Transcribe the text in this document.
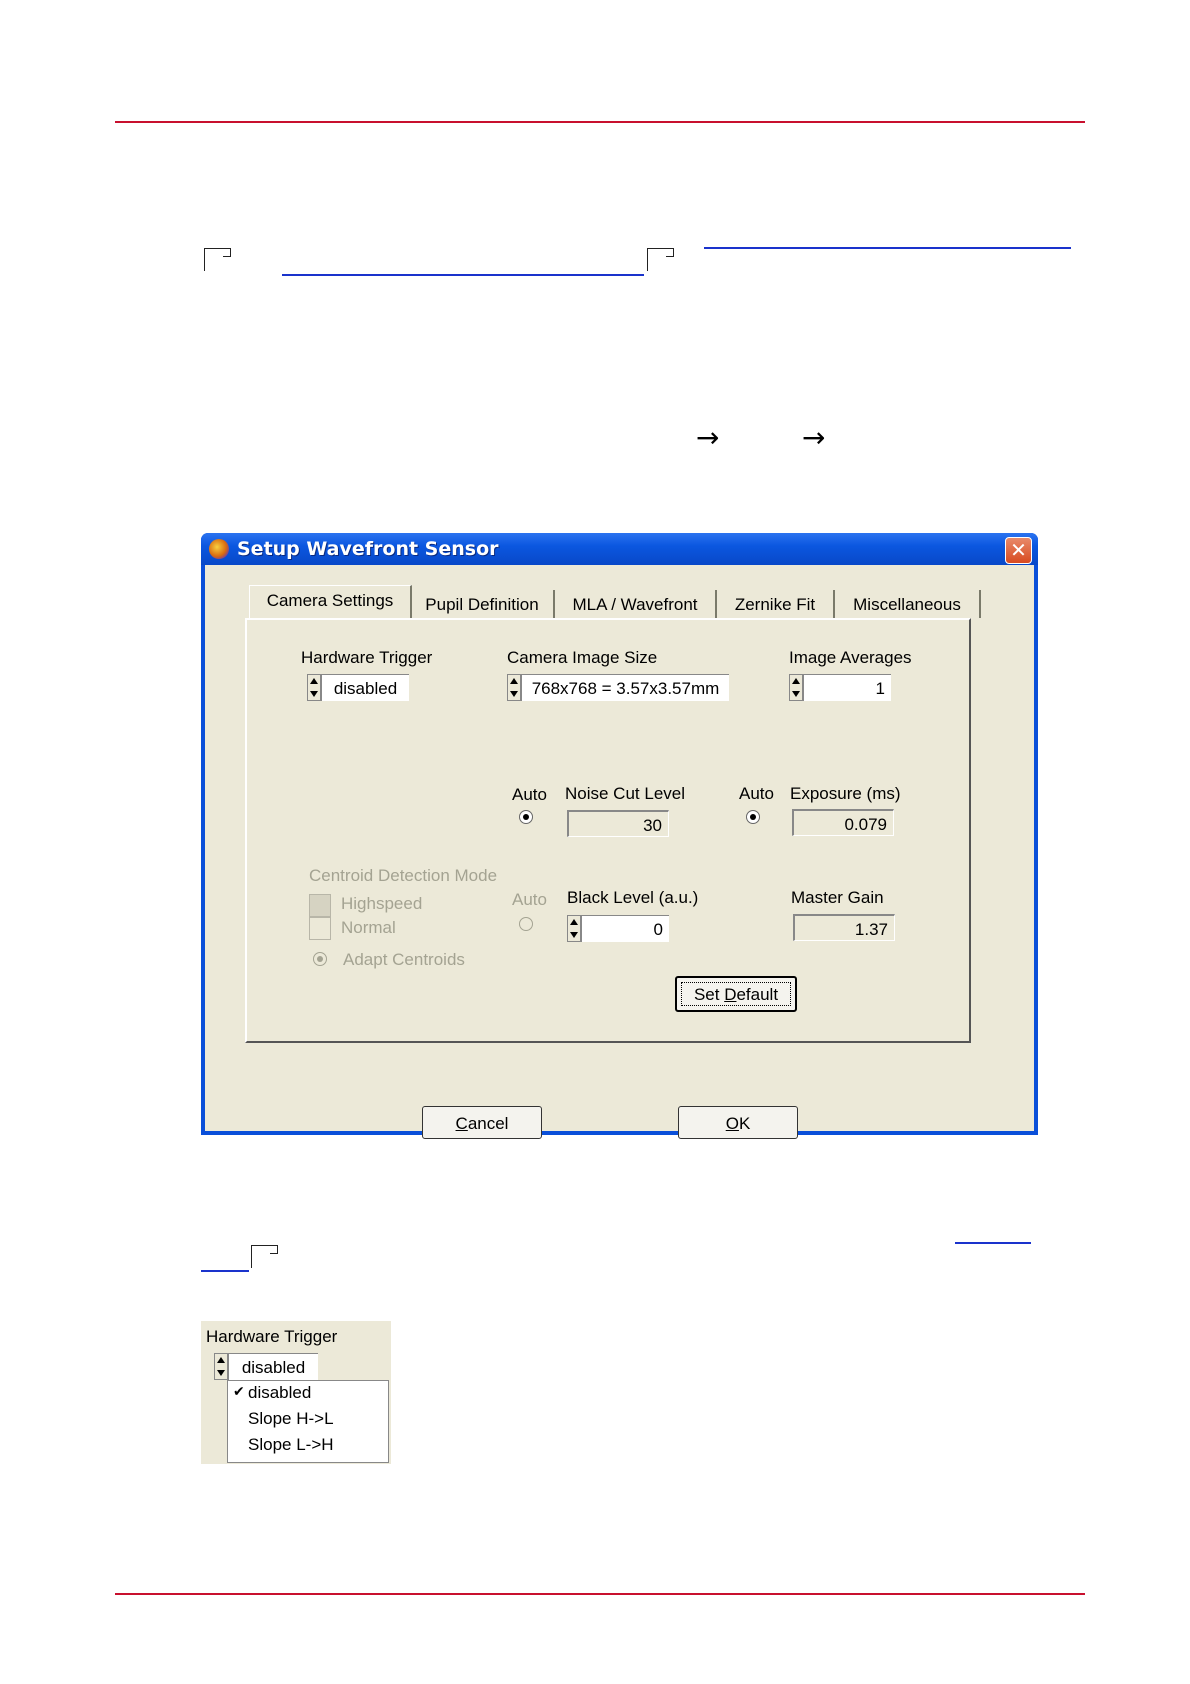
→	→
Setup Wavefront Sensor	✕
Camera Settings	Pupil Definition	MLA / Wavefront	Zernike Fit	Miscellaneous
Hardware Trigger
disabled
Camera Image Size
768x768 = 3.57x3.57mm
Image Averages
1
Auto Noise Cut Level
30
Auto Exposure (ms)
0.079
Centroid Detection Mode
Highspeed
Normal
Adapt Centroids
Auto Black Level (a.u.)
0
Master Gain
1.37
Set Default
Cancel	OK
Hardware Trigger
disabled
✔ disabled
Slope H->L
Slope L->H
